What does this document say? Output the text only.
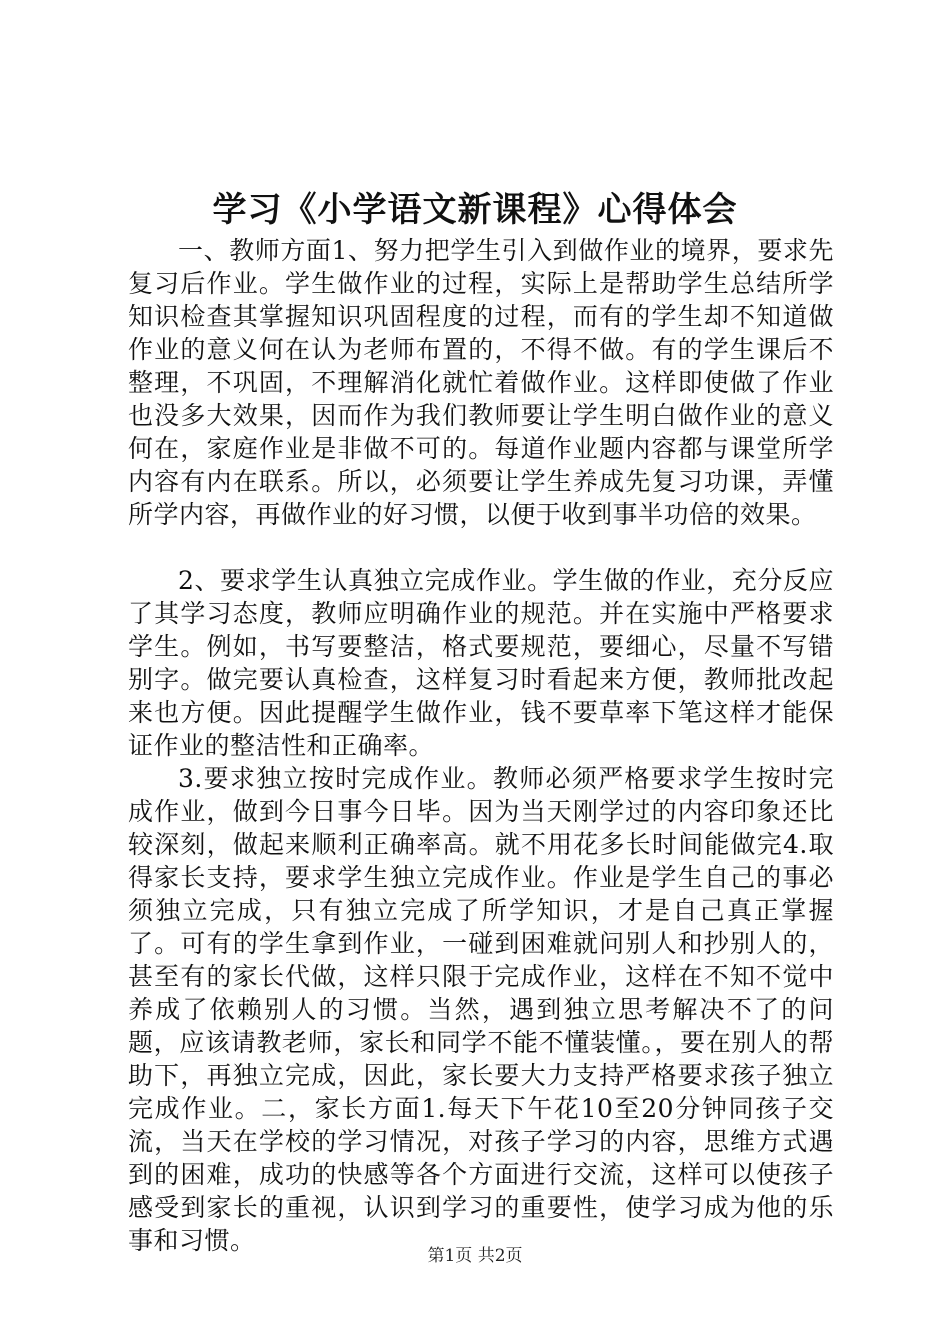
学习《小学语文新课程》心得体会

一、教师方面1、努力把学生引入到做作业的境界，要求先复习后作业。学生做作业的过程，实际上是帮助学生总结所学知识检查其掌握知识巩固程度的过程，而有的学生却不知道做作业的意义何在认为老师布置的，不得不做。有的学生课后不整理，不巩固，不理解消化就忙着做作业。这样即使做了作业也没多大效果，因而作为我们教师要让学生明白做作业的意义何在，家庭作业是非做不可的。每道作业题内容都与课堂所学内容有内在联系。所以，必须要让学生养成先复习功课，弄懂所学内容，再做作业的好习惯，以便于收到事半功倍的效果。

2、要求学生认真独立完成作业。学生做的作业，充分反应了其学习态度，教师应明确作业的规范。并在实施中严格要求学生。例如，书写要整洁，格式要规范，要细心，尽量不写错别字。做完要认真检查，这样复习时看起来方便，教师批改起来也方便。因此提醒学生做作业，钱不要草率下笔这样才能保证作业的整洁性和正确率。

3.要求独立按时完成作业。教师必须严格要求学生按时完成作业，做到今日事今日毕。因为当天刚学过的内容印象还比较深刻，做起来顺利正确率高。就不用花多长时间能做完4.取得家长支持，要求学生独立完成作业。作业是学生自己的事必须独立完成，只有独立完成了所学知识，才是自己真正掌握了。可有的学生拿到作业，一碰到困难就问别人和抄别人的，甚至有的家长代做，这样只限于完成作业，这样在不知不觉中养成了依赖别人的习惯。当然，遇到独立思考解决不了的问题，应该请教老师，家长和同学不能不懂装懂。，要在别人的帮助下，再独立完成，因此，家长要大力支持严格要求孩子独立完成作业。二，家长方面1.每天下午花10至20分钟同孩子交流，当天在学校的学习情况，对孩子学习的内容，思维方式遇到的困难，成功的快感等各个方面进行交流，这样可以使孩子感受到家长的重视，认识到学习的重要性，使学习成为他的乐事和习惯。

第1页 共2页
